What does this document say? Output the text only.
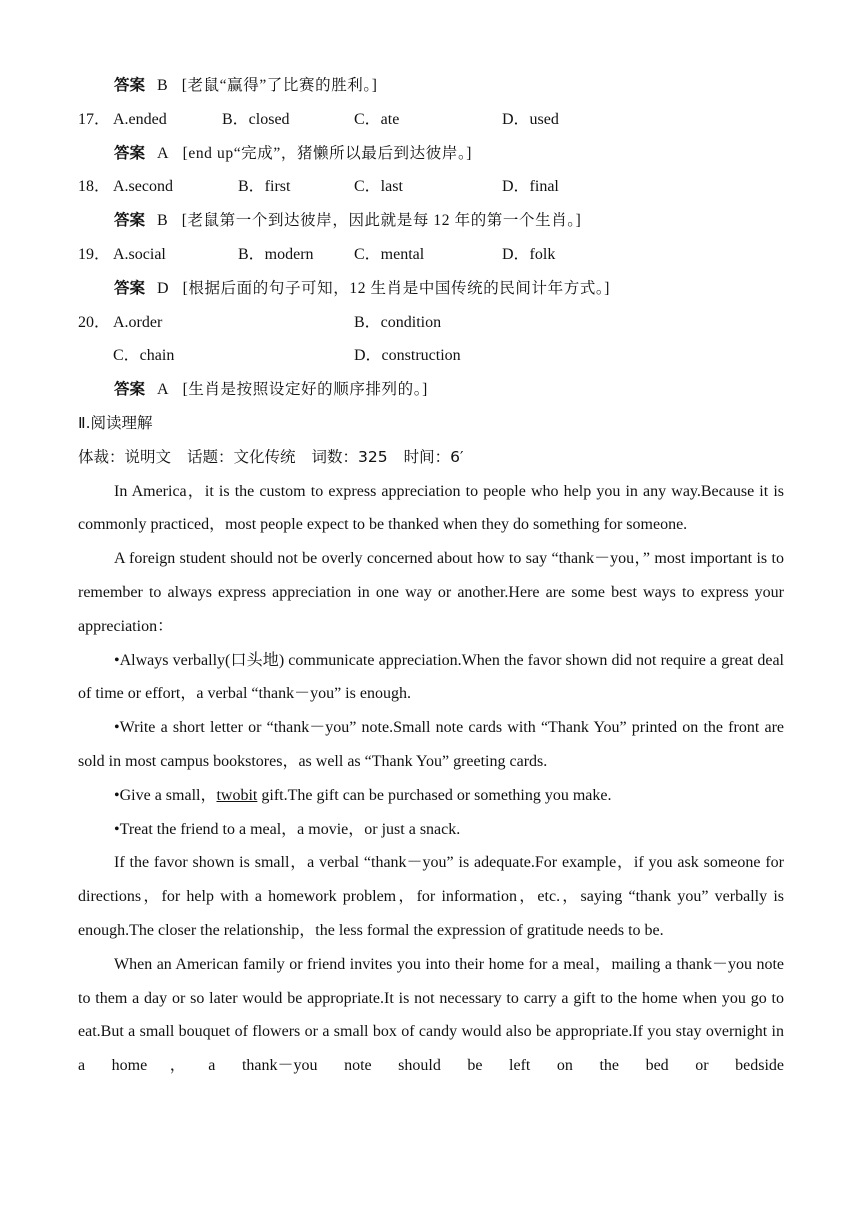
答案 B [老鼠“赢得”了比赛的胜利。]
17． A.ended	B．closed	C．ate	D．used
答案 A [end up“完成”，猪懒所以最后到达彼岸。]
18． A.second	B．first	C．last	D．final
答案 B [老鼠第一个到达彼岸，因此就是每 12 年的第一个生肖。]
19． A.social	B．modern	C．mental	D．folk
答案 D [根据后面的句子可知，12 生肖是中国传统的民间计年方式。]
20． A.order	B．condition
C．chain	D．construction
答案 A [生肖是按照设定好的顺序排列的。]
Ⅱ.阅读理解
体裁：说明文 话题：文化传统 词数：325 时间：6′

In America，it is the custom to express appreciation to people who help you in any way.Because it is commonly practiced，most people expect to be thanked when they do something for someone.

A foreign student should not be overly concerned about how to say “thank－you，” most important is to remember to always express appreciation in one way or another.Here are some best ways to express your appreciation：

•Always verbally(口头地) communicate appreciation.When the favor shown did not require a great deal of time or effort，a verbal “thank－you” is enough.

•Write a short letter or “thank－you” note.Small note cards with “Thank You” printed on the front are sold in most campus bookstores，as well as “Thank You” greeting cards.

•Give a small，twobit gift.The gift can be purchased or something you make.

•Treat the friend to a meal，a movie，or just a snack.

If the favor shown is small，a verbal “thank－you” is adequate.For example，if you ask someone for directions，for help with a homework problem，for information，etc.，saying “thank you” verbally is enough.The closer the relationship，the less formal the expression of gratitude needs to be.

When an American family or friend invites you into their home for a meal，mailing a thank－you note to them a day or so later would be appropriate.It is not necessary to carry a gift to the home when you go to eat.But a small bouquet of flowers or a small box of candy would also be appropriate.If you stay overnight in a home，a thank－you note should be left on the bed or bedside
